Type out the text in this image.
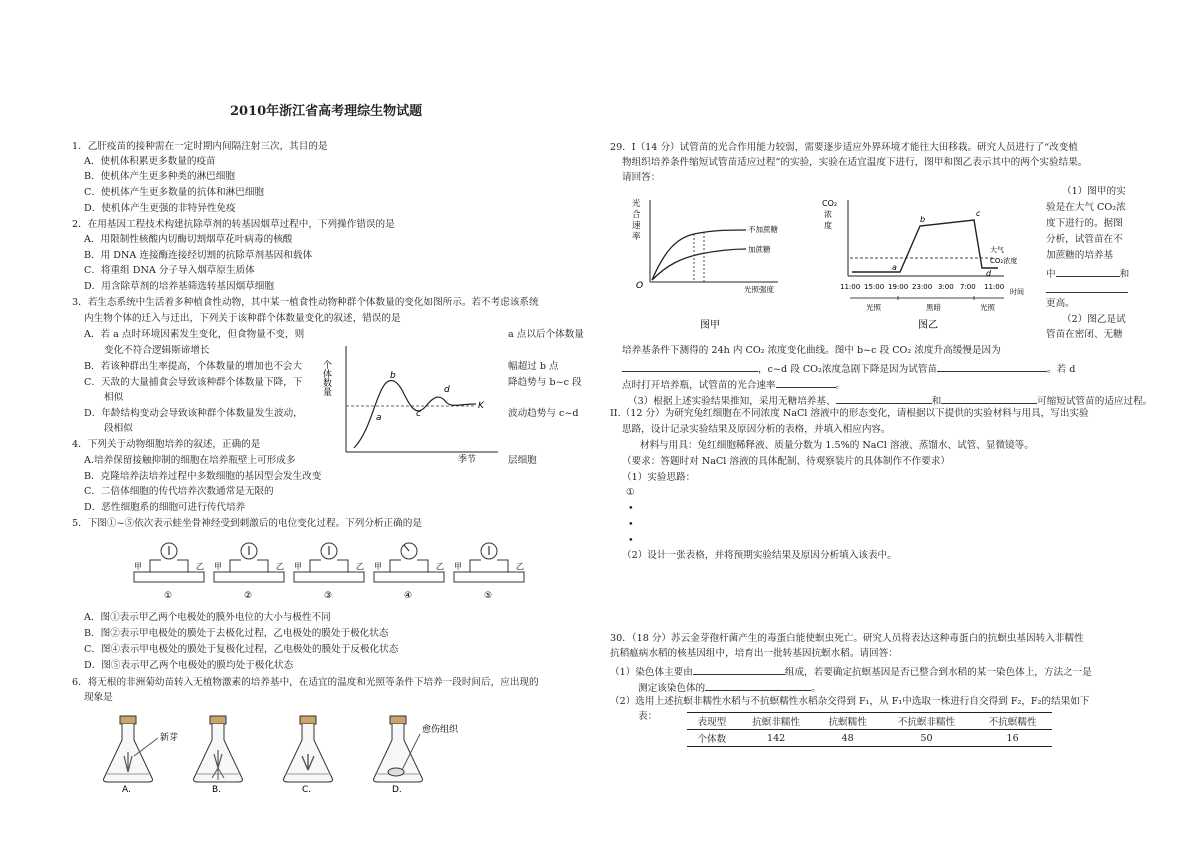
2010年浙江省高考理综生物试题
1．乙肝疫苗的接种需在一定时期内间隔注射三次，其目的是
A．使机体积累更多数量的疫苗
B．使机体产生更多种类的淋巴细胞
C．使机体产生更多数量的抗体和淋巴细胞
D．使机体产生更强的非特异性免疫
2．在用基因工程技术构建抗除草剂的转基因烟草过程中，下列操作错误的是
A．用限制性核酸内切酶切割烟草花叶病毒的核酸
B．用 DNA 连接酶连接经切割的抗除草剂基因和载体
C．将重组 DNA 分子导入烟草原生质体
D．用含除草剂的培养基筛选转基因烟草细胞
3．若生态系统中生活着多种植食性动物，其中某一植食性动物种群个体数量的变化如图所示。若不考虑该系统
内生物个体的迁入与迁出，下列关于该种群个体数量变化的叙述，错误的是
A．若 a 点时环境因素发生变化，但食物量不变，则	a 点以后个体数量
变化不符合逻辑斯谛增长
B．若该种群出生率提高，个体数量的增加也不会大	幅超过 b 点
C．天敌的大量捕食会导致该种群个体数量下降，下	降趋势与 b~c 段
相似
D．年龄结构变动会导致该种群个体数量发生波动，	波动趋势与 c~d
段相似
个体数量
a
b
c
d
K
季节
4．下列关于动物细胞培养的叙述，正确的是
A.培养保留接触抑制的细胞在培养瓶壁上可形成多	层细胞
B．克隆培养法培养过程中多数细胞的基因型会发生改变
C．二倍体细胞的传代培养次数通常是无限的
D．恶性细胞系的细胞可进行传代培养
5．下图①~⑤依次表示蛙坐骨神经受到刺激后的电位变化过程。下列分析正确的是
甲	乙
①
甲	乙
②
甲	乙
③
甲	乙
④
甲	乙
⑤
A．图①表示甲乙两个电极处的膜外电位的大小与极性不同
B．图②表示甲电极处的膜处于去极化过程，乙电极处的膜处于极化状态
C．图④表示甲电极处的膜处于复极化过程，乙电极处的膜处于反极化状态
D．图⑤表示甲乙两个电极处的膜均处于极化状态
6．将无根的非洲菊幼苗转入无植物激素的培养基中，在适宜的温度和光照等条件下培养一段时间后，应出现的
现象是
新芽
A.	B.	C.
愈伤组织
D.
29．I（14 分）试管苗的光合作用能力较弱，需要逐步适应外界环境才能往大田移栽。研究人员进行了“改变植
物组织培养条件缩短试管苗适应过程”的实验，实验在适宜温度下进行，图甲和图乙表示其中的两个实验结果。
请回答：
光
合
速
率
O
不加蔗糖
加蔗糖
光照强度
图甲
CO₂
浓
度
a
b
c
d
大气
CO₂浓度
11:00 15:00 19:00 23:00 3:00 7:00 11:00
时间
光照	黑暗	光照
图乙
（1）图甲的实
验是在大气 CO₂浓
度下进行的。据图
分析，试管苗在不
加蔗糖的培养基
中	和
更高。
（2）图乙是试
管苗在密闭、无糖
培养基条件下测得的 24h 内 CO₂ 浓度变化曲线。图中 b~c 段 CO₂ 浓度升高缓慢是因为
，c~d 段 CO₂浓度急剧下降是因为试管苗	。若 d
点时打开培养瓶，试管苗的光合速率	。
（3）根据上述实验结果推知，采用无糖培养基、	和	可缩短试管苗的适应过程。
II.（12 分）为研究兔红细胞在不同浓度 NaCl 溶液中的形态变化，请根据以下提供的实验材料与用具，写出实验
思路，设计记录实验结果及原因分析的表格，并填入相应内容。
材料与用具：兔红细胞稀释液、质量分数为 1.5%的 NaCl 溶液、蒸馏水、试管、显微镜等。
（要求：答题时对 NaCl 溶液的具体配制、待观察装片的具体制作不作要求）
（1）实验思路：
①
•
•
•
（2）设计一张表格，并将预期实验结果及原因分析填入该表中。
30．（18 分）苏云金芽孢杆菌产生的毒蛋白能使螟虫死亡。研究人员将表达这种毒蛋白的抗螟虫基因转入非糯性
抗稻瘟病水稻的核基因组中，培育出一批转基因抗螟水稻。请回答：
（1）染色体主要由	组成，若要确定抗螟基因是否已整合到水稻的某一染色体上，方法之一是
测定该染色体的	。
（2）选用上述抗螟非糯性水稻与不抗螟糯性水稻杂交得到 F₁，从 F₁中选取一株进行自交得到 F₂，F₂的结果如下
表：
表现型	抗螟非糯性	抗螟糯性	不抗螟非糯性	不抗螟糯性
个体数	142	48	50	16
